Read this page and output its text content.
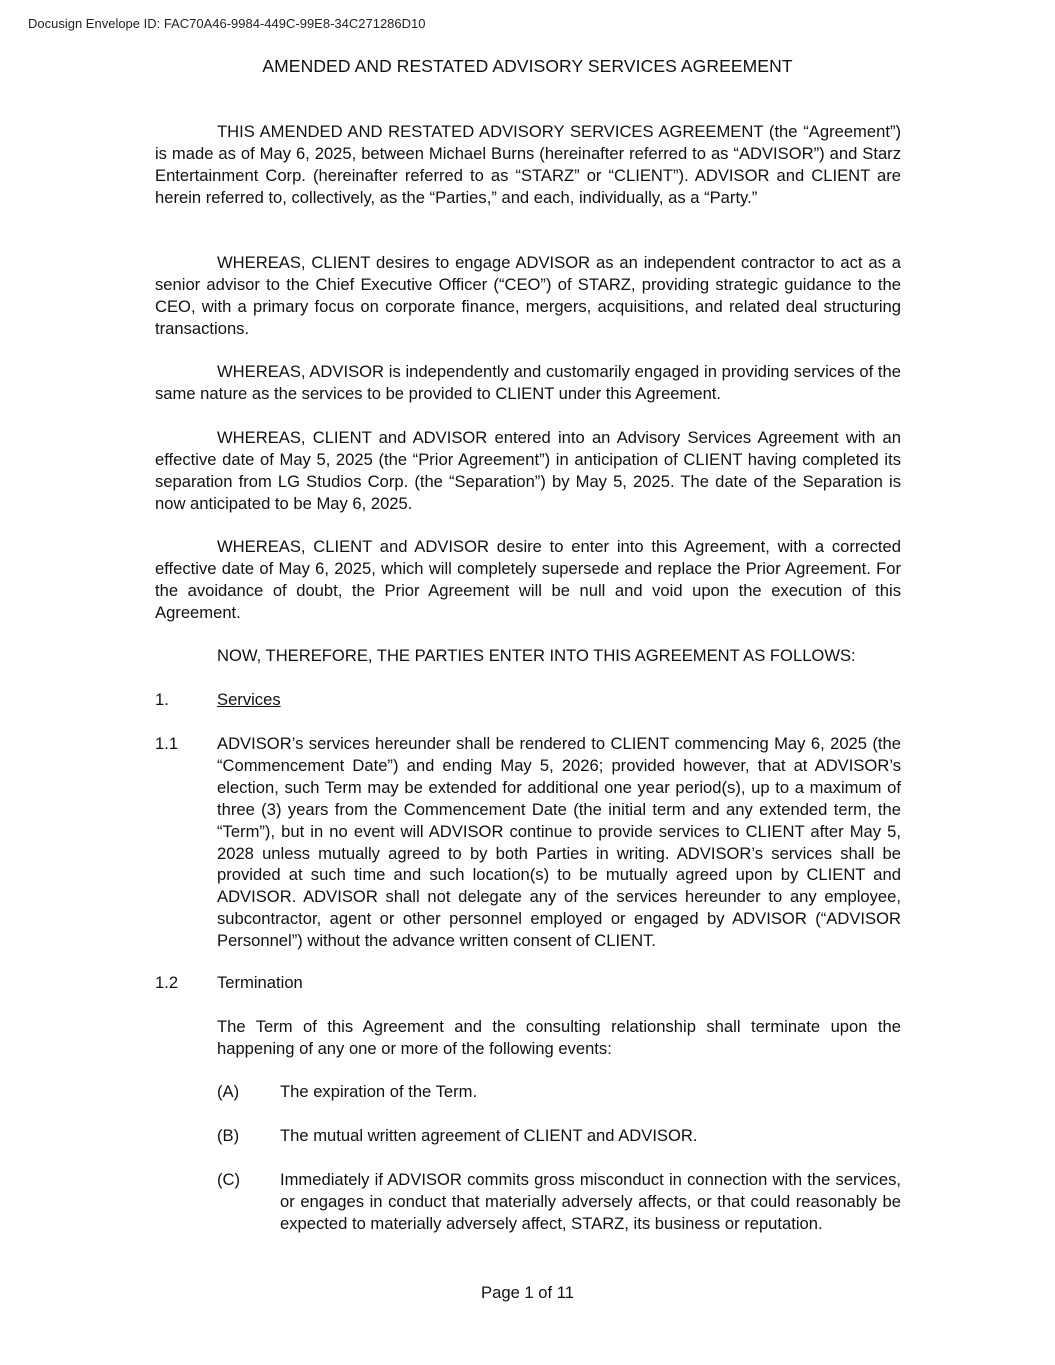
Docusign Envelope ID: FAC70A46-9984-449C-99E8-34C271286D10
AMENDED AND RESTATED ADVISORY SERVICES AGREEMENT

THIS AMENDED AND RESTATED ADVISORY SERVICES AGREEMENT (the “Agreement”) is made as of May 6, 2025, between Michael Burns (hereinafter referred to as “ADVISOR”) and Starz Entertainment Corp. (hereinafter referred to as “STARZ” or “CLIENT”). ADVISOR and CLIENT are herein referred to, collectively, as the “Parties,” and each, individually, as a “Party.”

WHEREAS, CLIENT desires to engage ADVISOR as an independent contractor to act as a senior advisor to the Chief Executive Officer (“CEO”) of STARZ, providing strategic guidance to the CEO, with a primary focus on corporate finance, mergers, acquisitions, and related deal structuring transactions.

WHEREAS, ADVISOR is independently and customarily engaged in providing services of the same nature as the services to be provided to CLIENT under this Agreement.

WHEREAS, CLIENT and ADVISOR entered into an Advisory Services Agreement with an effective date of May 5, 2025 (the “Prior Agreement”) in anticipation of CLIENT having completed its separation from LG Studios Corp. (the “Separation”) by May 5, 2025. The date of the Separation is now anticipated to be May 6, 2025.

WHEREAS, CLIENT and ADVISOR desire to enter into this Agreement, with a corrected effective date of May 6, 2025, which will completely supersede and replace the Prior Agreement. For the avoidance of doubt, the Prior Agreement will be null and void upon the execution of this Agreement.

NOW, THEREFORE, THE PARTIES ENTER INTO THIS AGREEMENT AS FOLLOWS:

1.	Services
1.1 ADVISOR’s services hereunder shall be rendered to CLIENT commencing May 6, 2025 (the “Commencement Date”) and ending May 5, 2026; provided however, that at ADVISOR’s election, such Term may be extended for additional one year period(s), up to a maximum of three (3) years from the Commencement Date (the initial term and any extended term, the “Term”), but in no event will ADVISOR continue to provide services to CLIENT after May 5, 2028 unless mutually agreed to by both Parties in writing. ADVISOR’s services shall be provided at such time and such location(s) to be mutually agreed upon by CLIENT and ADVISOR. ADVISOR shall not delegate any of the services hereunder to any employee, subcontractor, agent or other personnel employed or engaged by ADVISOR (“ADVISOR Personnel”) without the advance written consent of CLIENT.

1.2 Termination

The Term of this Agreement and the consulting relationship shall terminate upon the happening of any one or more of the following events:

(A) The expiration of the Term.

(B) The mutual written agreement of CLIENT and ADVISOR.

(C) Immediately if ADVISOR commits gross misconduct in connection with the services, or engages in conduct that materially adversely affects, or that could reasonably be expected to materially adversely affect, STARZ, its business or reputation.

Page 1 of 11
